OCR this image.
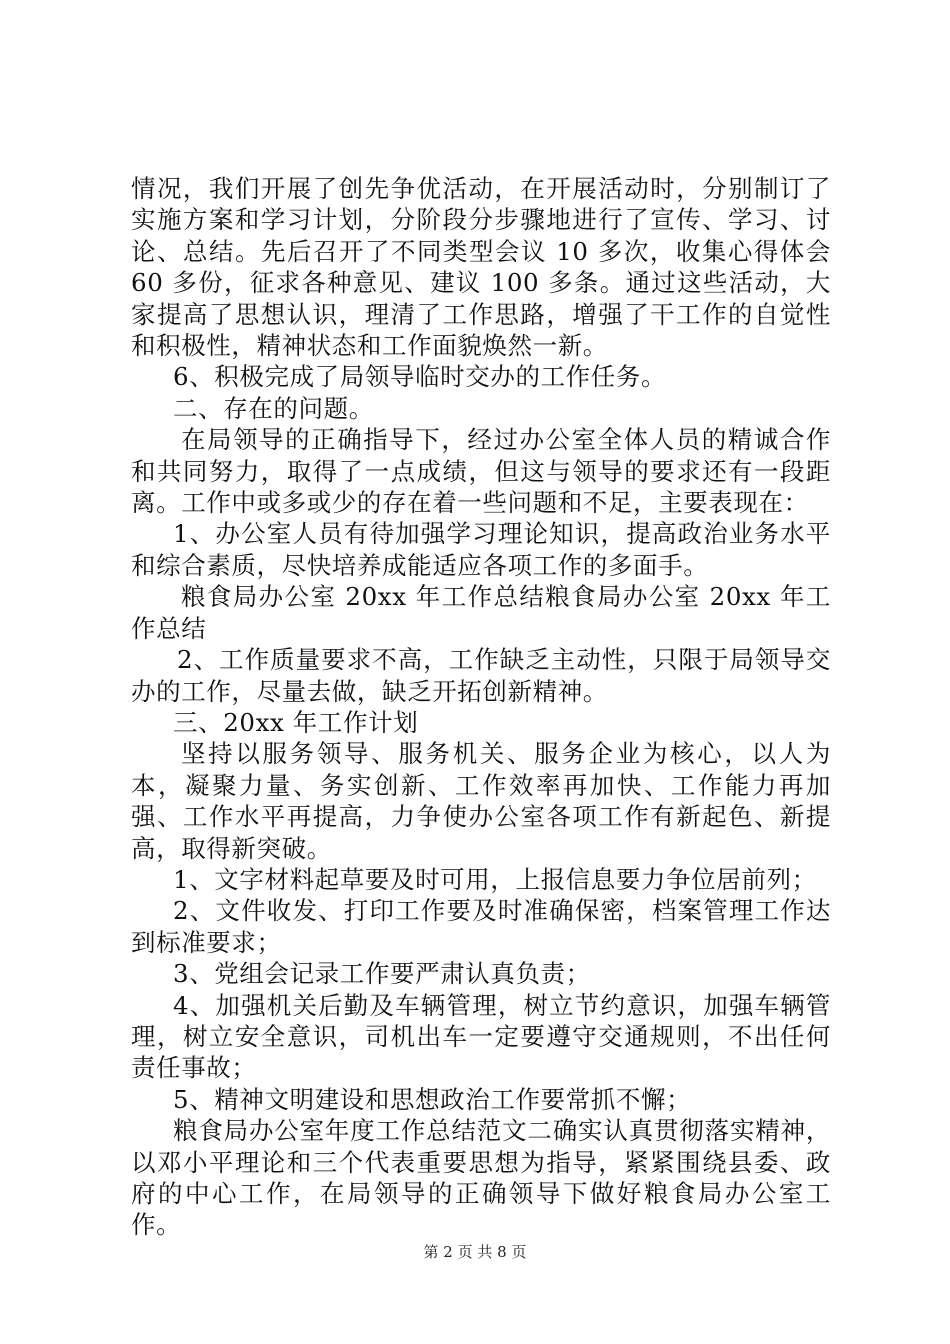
情况，我们开展了创先争优活动，在开展活动时，分别制订了实施方案和学习计划，分阶段分步骤地进行了宣传、学习、讨论、总结。先后召开了不同类型会议 10 多次，收集心得体会 60 多份，征求各种意见、建议 100 多条。通过这些活动，大家提高了思想认识，理清了工作思路，增强了干工作的自觉性和积极性，精神状态和工作面貌焕然一新。

6、积极完成了局领导临时交办的工作任务。

二、存在的问题。

在局领导的正确指导下，经过办公室全体人员的精诚合作和共同努力，取得了一点成绩，但这与领导的要求还有一段距离。工作中或多或少的存在着一些问题和不足，主要表现在：

1、办公室人员有待加强学习理论知识，提高政治业务水平和综合素质，尽快培养成能适应各项工作的多面手。

粮食局办公室 20xx 年工作总结粮食局办公室 20xx 年工作总结

2、工作质量要求不高，工作缺乏主动性，只限于局领导交办的工作，尽量去做，缺乏开拓创新精神。

三、20xx 年工作计划

坚持以服务领导、服务机关、服务企业为核心，以人为本，凝聚力量、务实创新、工作效率再加快、工作能力再加强、工作水平再提高，力争使办公室各项工作有新起色、新提高，取得新突破。

1、文字材料起草要及时可用，上报信息要力争位居前列；

2、文件收发、打印工作要及时准确保密，档案管理工作达到标准要求；

3、党组会记录工作要严肃认真负责；

4、加强机关后勤及车辆管理，树立节约意识，加强车辆管理，树立安全意识，司机出车一定要遵守交通规则，不出任何责任事故；

5、精神文明建设和思想政治工作要常抓不懈；

粮食局办公室年度工作总结范文二确实认真贯彻落实精神，以邓小平理论和三个代表重要思想为指导，紧紧围绕县委、政府的中心工作，在局领导的正确领导下做好粮食局办公室工作。

第 2 页 共 8 页
